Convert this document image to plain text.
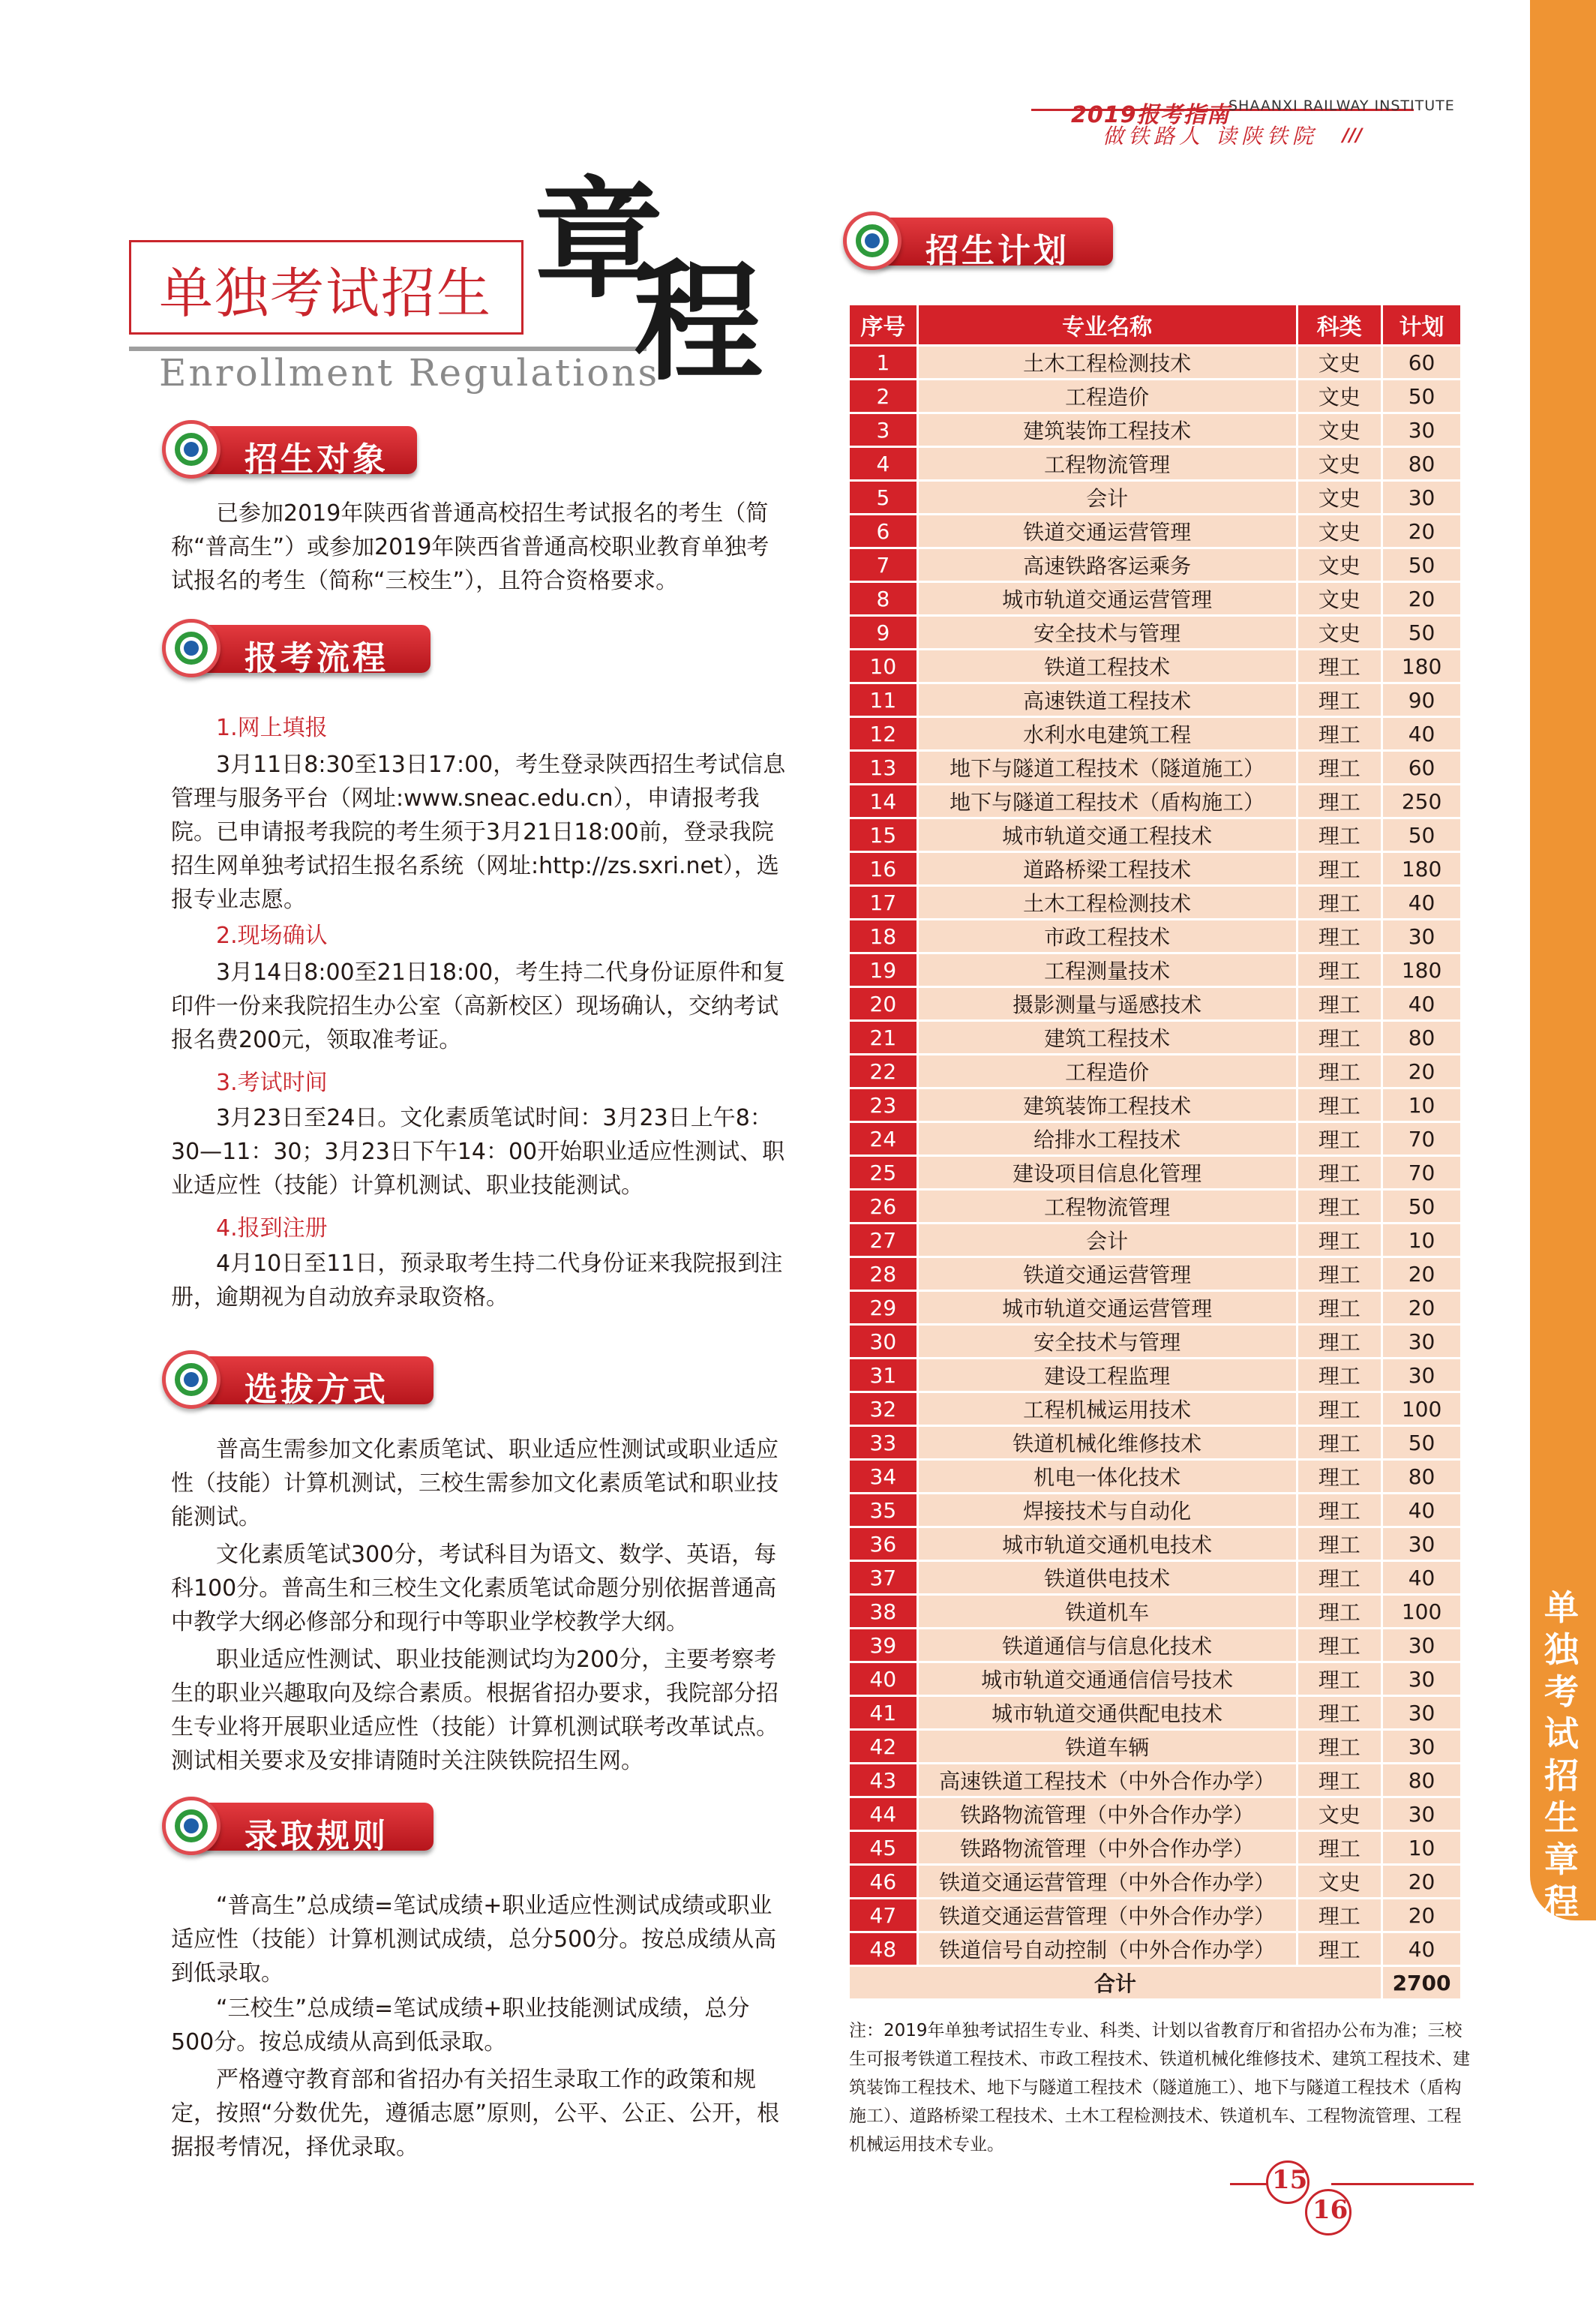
2019报考指南
SHAANXI RAILWAY INSTITUTE
做铁路人 读陕铁院 ///
单独考试招生章程
单独考试招生
Enrollment Regulations
章
程
招生对象
已参加2019年陕西省普通高校招生考试报名的考生（简称“普高生”）或参加2019年陕西省普通高校职业教育单独考试报名的考生（简称“三校生”），且符合资格要求。
报考流程
1.网上填报
3月11日8:30至13日17:00，考生登录陕西招生考试信息管理与服务平台（网址:www.sneac.edu.cn），申请报考我院。已申请报考我院的考生须于3月21日18:00前，登录我院招生网单独考试招生报名系统（网址:http://zs.sxri.net），选报专业志愿。
2.现场确认
3月14日8:00至21日18:00，考生持二代身份证原件和复印件一份来我院招生办公室（高新校区）现场确认，交纳考试报名费200元，领取准考证。
3.考试时间
3月23日至24日。文化素质笔试时间：3月23日上午8：30—11：30；3月23日下午14：00开始职业适应性测试、职业适应性（技能）计算机测试、职业技能测试。
4.报到注册
4月10日至11日，预录取考生持二代身份证来我院报到注册，逾期视为自动放弃录取资格。
选拔方式
普高生需参加文化素质笔试、职业适应性测试或职业适应性（技能）计算机测试，三校生需参加文化素质笔试和职业技能测试。
文化素质笔试300分，考试科目为语文、数学、英语，每科100分。普高生和三校生文化素质笔试命题分别依据普通高中教学大纲必修部分和现行中等职业学校教学大纲。
职业适应性测试、职业技能测试均为200分，主要考察考生的职业兴趣取向及综合素质。根据省招办要求，我院部分招生专业将开展职业适应性（技能）计算机测试联考改革试点。测试相关要求及安排请随时关注陕铁院招生网。
录取规则
“普高生”总成绩=笔试成绩+职业适应性测试成绩或职业适应性（技能）计算机测试成绩，总分500分。按总成绩从高到低录取。
“三校生”总成绩=笔试成绩+职业技能测试成绩，总分500分。按总成绩从高到低录取。
严格遵守教育部和省招办有关招生录取工作的政策和规定，按照“分数优先，遵循志愿”原则，公平、公正、公开，根据报考情况，择优录取。
招生计划
序号	专业名称	科类	计划
1	土木工程检测技术	文史	60
2	工程造价	文史	50
3	建筑装饰工程技术	文史	30
4	工程物流管理	文史	80
5	会计	文史	30
6	铁道交通运营管理	文史	20
7	高速铁路客运乘务	文史	50
8	城市轨道交通运营管理	文史	20
9	安全技术与管理	文史	50
10	铁道工程技术	理工	180
11	高速铁道工程技术	理工	90
12	水利水电建筑工程	理工	40
13	地下与隧道工程技术（隧道施工）	理工	60
14	地下与隧道工程技术（盾构施工）	理工	250
15	城市轨道交通工程技术	理工	50
16	道路桥梁工程技术	理工	180
17	土木工程检测技术	理工	40
18	市政工程技术	理工	30
19	工程测量技术	理工	180
20	摄影测量与遥感技术	理工	40
21	建筑工程技术	理工	80
22	工程造价	理工	20
23	建筑装饰工程技术	理工	10
24	给排水工程技术	理工	70
25	建设项目信息化管理	理工	70
26	工程物流管理	理工	50
27	会计	理工	10
28	铁道交通运营管理	理工	20
29	城市轨道交通运营管理	理工	20
30	安全技术与管理	理工	30
31	建设工程监理	理工	30
32	工程机械运用技术	理工	100
33	铁道机械化维修技术	理工	50
34	机电一体化技术	理工	80
35	焊接技术与自动化	理工	40
36	城市轨道交通机电技术	理工	30
37	铁道供电技术	理工	40
38	铁道机车	理工	100
39	铁道通信与信息化技术	理工	30
40	城市轨道交通通信信号技术	理工	30
41	城市轨道交通供配电技术	理工	30
42	铁道车辆	理工	30
43	高速铁道工程技术（中外合作办学）	理工	80
44	铁路物流管理（中外合作办学）	文史	30
45	铁路物流管理（中外合作办学）	理工	10
46	铁道交通运营管理（中外合作办学）	文史	20
47	铁道交通运营管理（中外合作办学）	理工	20
48	铁道信号自动控制（中外合作办学）	理工	40
合计			2700
注：2019年单独考试招生专业、科类、计划以省教育厅和省招办公布为准；三校生可报考铁道工程技术、市政工程技术、铁道机械化维修技术、建筑工程技术、建筑装饰工程技术、地下与隧道工程技术（隧道施工）、地下与隧道工程技术（盾构施工）、道路桥梁工程技术、土木工程检测技术、铁道机车、工程物流管理、工程机械运用技术专业。
15
16
